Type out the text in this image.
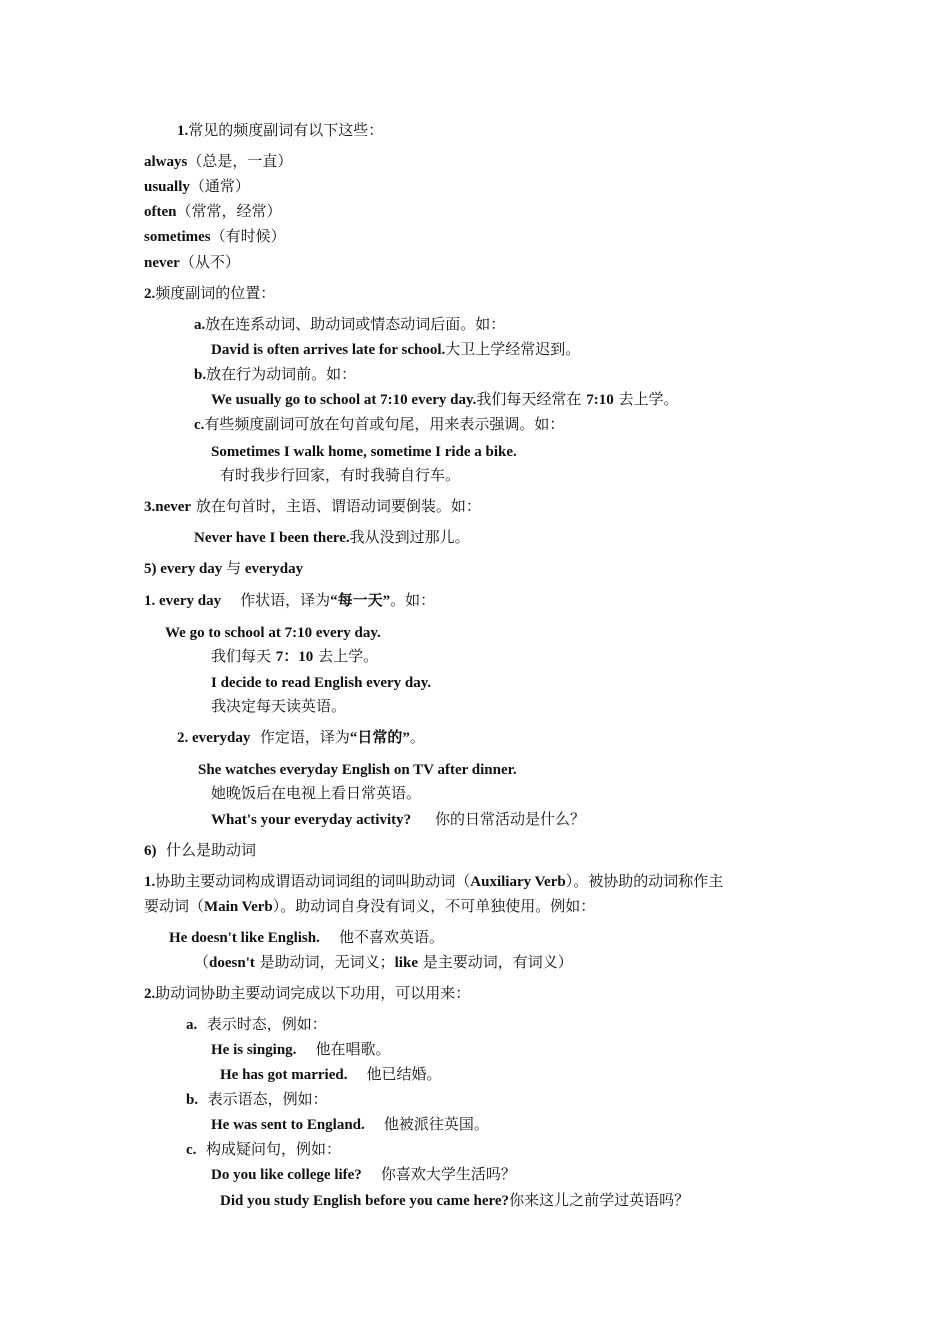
1.常见的频度副词有以下这些：
always（总是，一直）
usually（通常）
often（常常，经常）
sometimes（有时候）
never（从不）
2.频度副词的位置：
a.放在连系动词、助动词或情态动词后面。如：
David is often arrives late for school.大卫上学经常迟到。
b.放在行为动词前。如：
We usually go to school at 7:10 every day.我们每天经常在 7:10 去上学。
c.有些频度副词可放在句首或句尾，用来表示强调。如：
Sometimes I walk home, sometime I ride a bike.
有时我步行回家，有时我骑自行车。
3.never 放在句首时，主语、谓语动词要倒装。如：
Never have I been there.我从没到过那儿。
5) every day 与 everyday
1. every day    作状语，译为“每一天”。如：
We go to school at 7:10 every day.
我们每天 7：10 去上学。
I decide to read English every day.
我决定每天读英语。
2. everyday  作定语，译为“日常的”。
She watches everyday English on TV after dinner.
她晚饭后在电视上看日常英语。
What's your everyday activity?     你的日常活动是什么？
6)  什么是助动词
1.协助主要动词构成谓语动词词组的词叫助动词（Auxiliary Verb）。被协助的动词称作主
要动词（Main Verb）。助动词自身没有词义，不可单独使用。例如：
He doesn't like English.    他不喜欢英语。
（doesn't 是助动词，无词义；like 是主要动词，有词义）
2.助动词协助主要动词完成以下功用，可以用来：
a.  表示时态，例如：
He is singing.    他在唱歌。
He has got married.    他已结婚。
b.  表示语态，例如：
He was sent to England.    他被派往英国。
c.  构成疑问句，例如：
Do you like college life?    你喜欢大学生活吗？
Did you study English before you came here?你来这儿之前学过英语吗？
